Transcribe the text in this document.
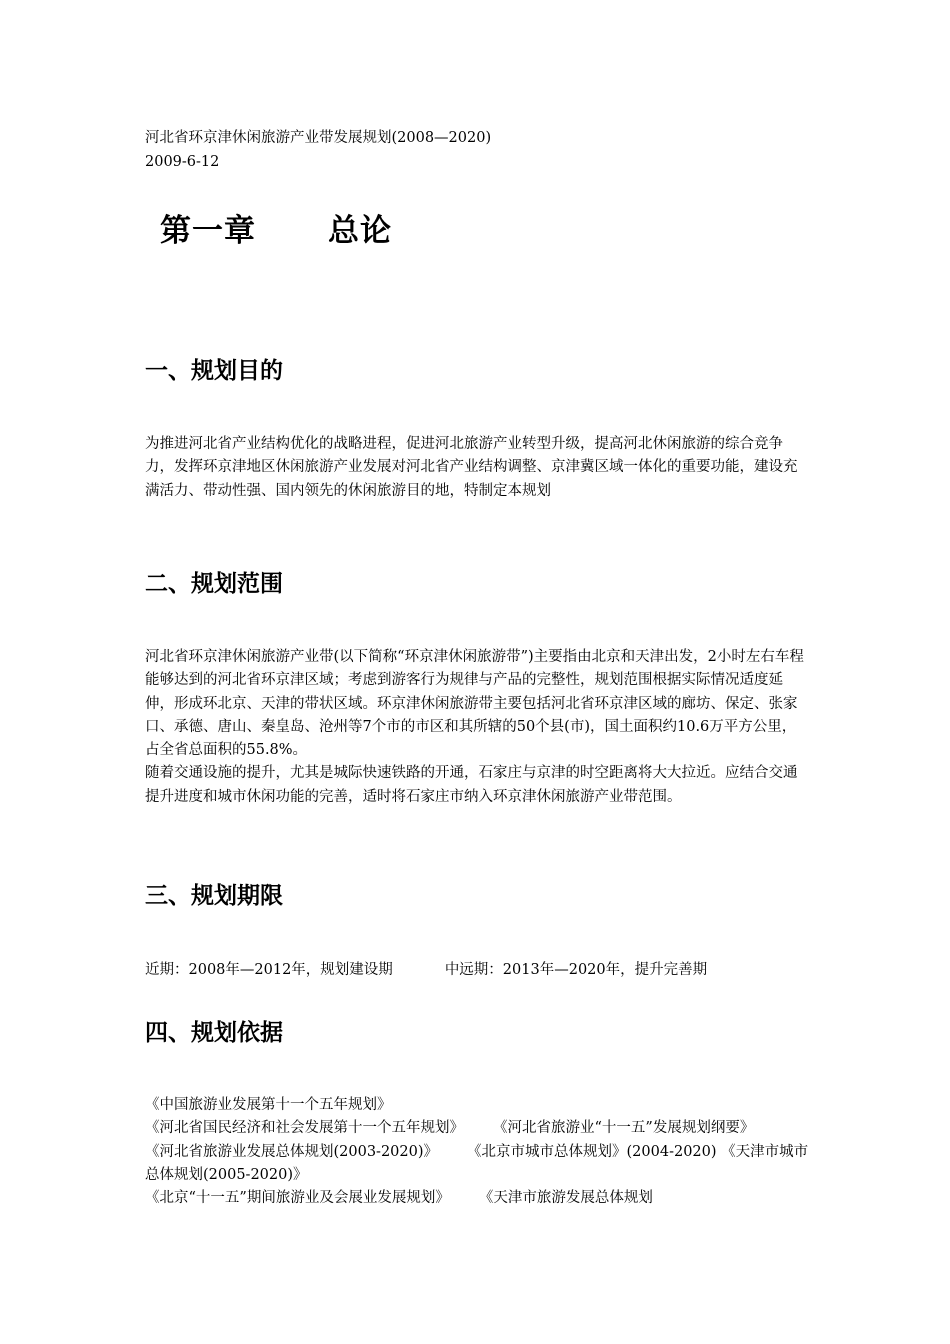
河北省环京津休闲旅游产业带发展规划(2008—2020)
2009-6-12
第一章 总论
一、规划目的

为推进河北省产业结构优化的战略进程，促进河北旅游产业转型升级，提高河北休闲旅游的综合竞争力，发挥环京津地区休闲旅游产业发展对河北省产业结构调整、京津冀区域一体化的重要功能，建设充满活力、带动性强、国内领先的休闲旅游目的地，特制定本规划

二、规划范围

河北省环京津休闲旅游产业带(以下简称“环京津休闲旅游带”)主要指由北京和天津出发，2小时左右车程能够达到的河北省环京津区域；考虑到游客行为规律与产品的完整性，规划范围根据实际情况适度延伸，形成环北京、天津的带状区域。环京津休闲旅游带主要包括河北省环京津区域的廊坊、保定、张家口、承德、唐山、秦皇岛、沧州等7个市的市区和其所辖的50个县(市)，国土面积约10.6万平方公里，占全省总面积的55.8%。

随着交通设施的提升，尤其是城际快速铁路的开通，石家庄与京津的时空距离将大大拉近。应结合交通提升进度和城市休闲功能的完善，适时将石家庄市纳入环京津休闲旅游产业带范围。

三、规划期限
近期：2008年—2012年，规划建设期	中远期：2013年—2020年，提升完善期
四、规划依据

《中国旅游业发展第十一个五年规划》

《河北省国民经济和社会发展第十一个五年规划》　　　《河北省旅游业“十一五”发展规划纲要》　　　《河北省旅游业发展总体规划(2003-2020)》　　　《北京市城市总体规划》(2004-2020) 《天津市城市总体规划(2005-2020)》

《北京“十一五”期间旅游业及会展业发展规划》　　　《天津市旅游发展总体规划
